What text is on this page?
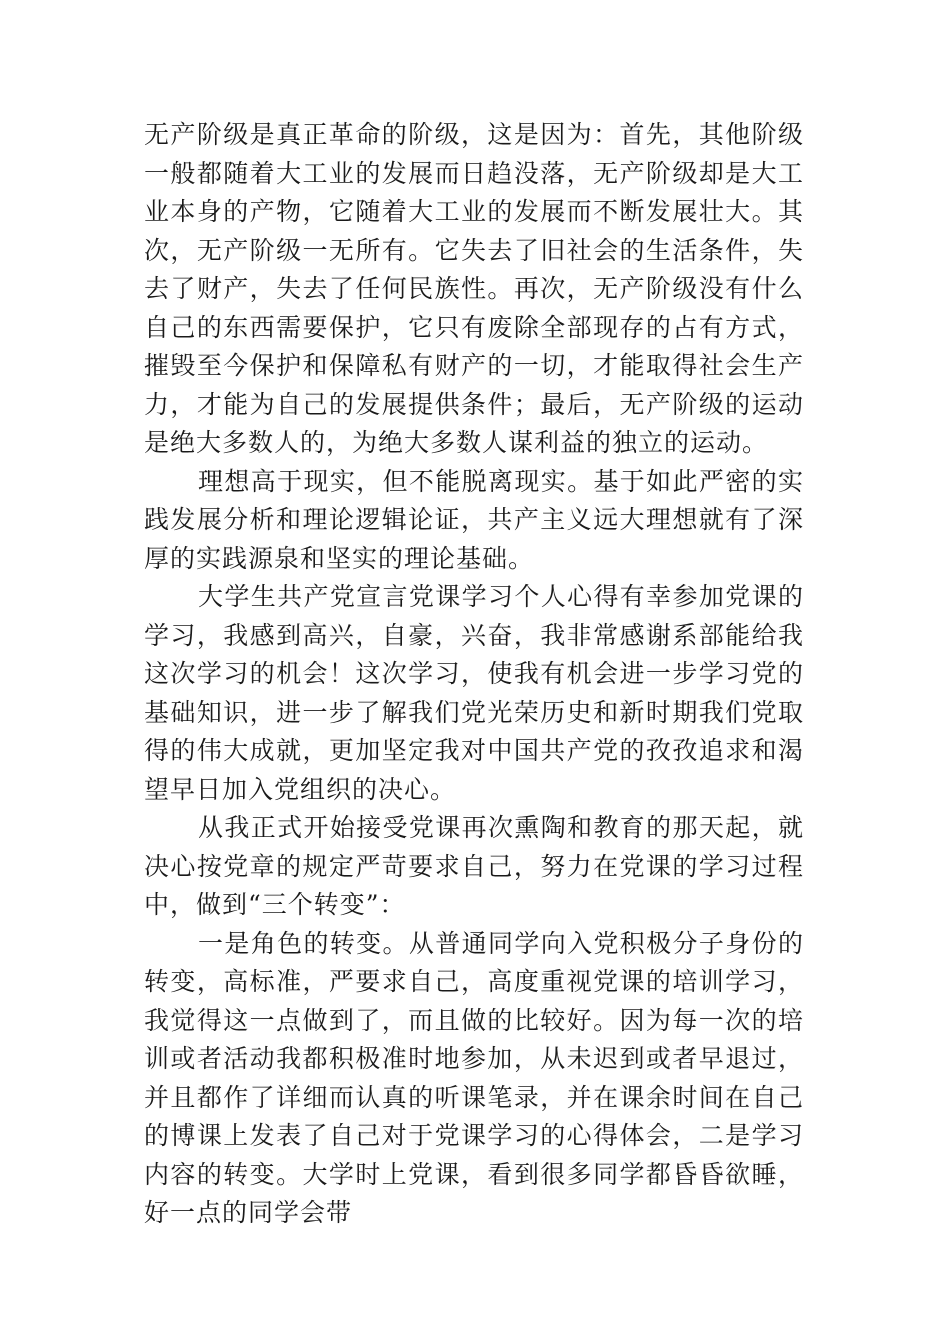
无产阶级是真正革命的阶级，这是因为：首先，其他阶级一般都随着大工业的发展而日趋没落，无产阶级却是大工业本身的产物，它随着大工业的发展而不断发展壮大。其次，无产阶级一无所有。它失去了旧社会的生活条件，失去了财产，失去了任何民族性。再次，无产阶级没有什么自己的东西需要保护，它只有废除全部现存的占有方式，摧毁至今保护和保障私有财产的一切，才能取得社会生产力，才能为自己的发展提供条件；最后，无产阶级的运动是绝大多数人的，为绝大多数人谋利益的独立的运动。

理想高于现实，但不能脱离现实。基于如此严密的实践发展分析和理论逻辑论证，共产主义远大理想就有了深厚的实践源泉和坚实的理论基础。

大学生共产党宣言党课学习个人心得有幸参加党课的学习，我感到高兴，自豪，兴奋，我非常感谢系部能给我这次学习的机会！这次学习，使我有机会进一步学习党的基础知识，进一步了解我们党光荣历史和新时期我们党取得的伟大成就，更加坚定我对中国共产党的孜孜追求和渴望早日加入党组织的决心。

从我正式开始接受党课再次熏陶和教育的那天起，就决心按党章的规定严苛要求自己，努力在党课的学习过程中，做到“三个转变”：

一是角色的转变。从普通同学向入党积极分子身份的转变，高标准，严要求自己，高度重视党课的培训学习，我觉得这一点做到了，而且做的比较好。因为每一次的培训或者活动我都积极准时地参加，从未迟到或者早退过，并且都作了详细而认真的听课笔录，并在课余时间在自己的博课上发表了自己对于党课学习的心得体会，二是学习内容的转变。大学时上党课，看到很多同学都昏昏欲睡，好一点的同学会带
